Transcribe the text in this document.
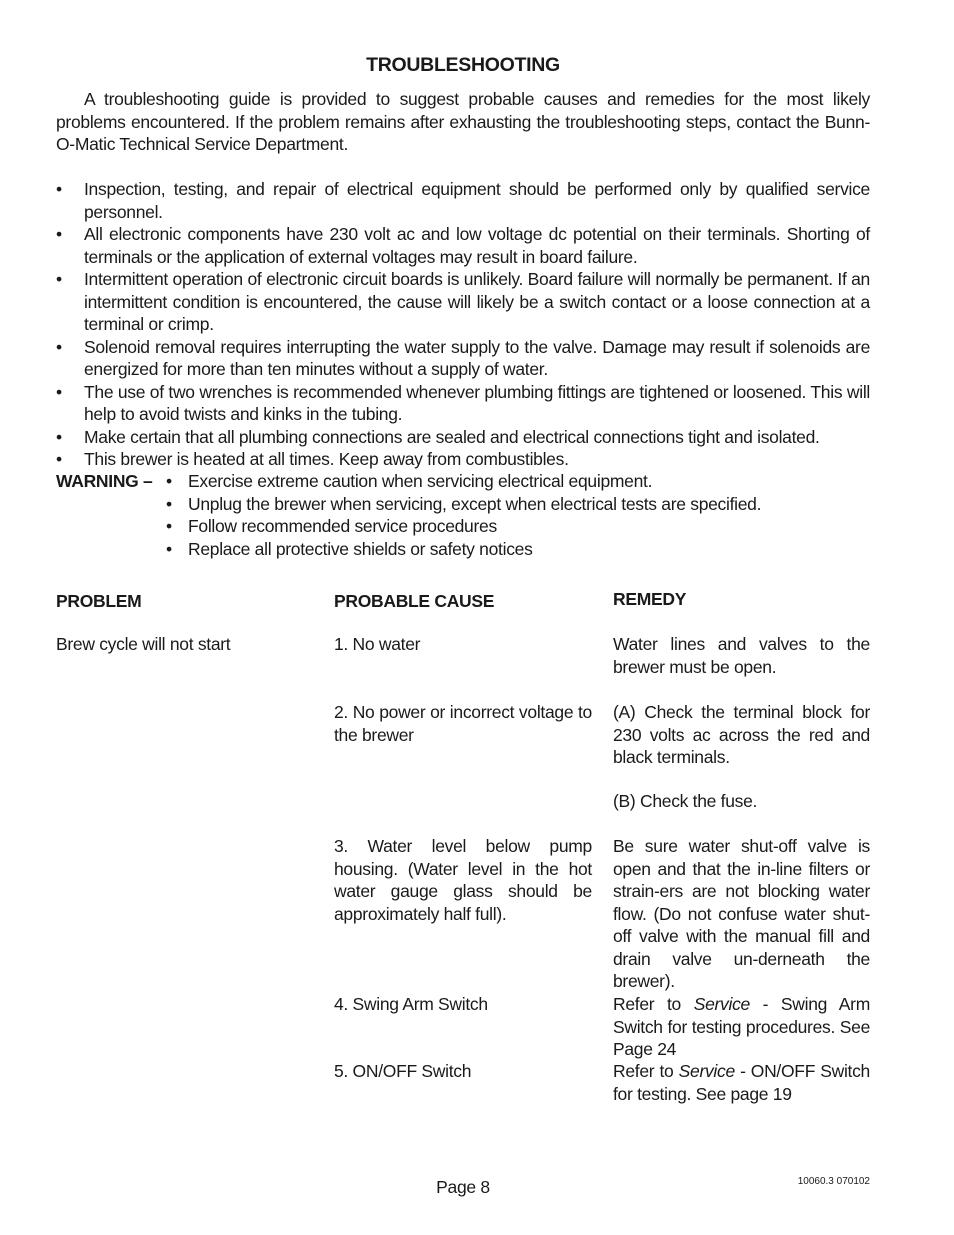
TROUBLESHOOTING

A troubleshooting guide is provided to suggest probable causes and remedies for the most likely problems encountered. If the problem remains after exhausting the troubleshooting steps, contact the Bunn-O-Matic Technical Service Department.

• Inspection, testing, and repair of electrical equipment should be performed only by qualified service personnel.
• All electronic components have 230 volt ac and low voltage dc potential on their terminals. Shorting of terminals or the application of external voltages may result in board failure.
• Intermittent operation of electronic circuit boards is unlikely. Board failure will normally be permanent. If an intermittent condition is encountered, the cause will likely be a switch contact or a loose connection at a terminal or crimp.
• Solenoid removal requires interrupting the water supply to the valve. Damage may result if solenoids are energized for more than ten minutes without a supply of water.
• The use of two wrenches is recommended whenever plumbing fittings are tightened or loosened. This will help to avoid twists and kinks in the tubing.
• Make certain that all plumbing connections are sealed and electrical connections tight and isolated.
• This brewer is heated at all times. Keep away from combustibles.
WARNING –
•	Exercise extreme caution when servicing electrical equipment.
• Unplug the brewer when servicing, except when electrical tests are specified.
• Follow recommended service procedures
• Replace all protective shields or safety notices
PROBLEM	PROBABLE CAUSE	REMEDY
Brew cycle will not start	1. No water	Water lines and valves to the brewer must be open.
2. No power or incorrect voltage to the brewer
(A) Check the terminal block for 230 volts ac across the red and black terminals.
(B) Check the fuse.
3. Water level below pump housing. (Water level in the hot water gauge glass should be approximately half full).
Be sure water shut-off valve is open and that the in-line filters or strain-ers are not blocking water flow. (Do not confuse water shut-off valve with the manual fill and drain valve un-derneath the brewer).
4. Swing Arm Switch	Refer to Service - Swing Arm Switch for testing procedures. See Page 24
5. ON/OFF Switch	Refer to Service - ON/OFF Switch for testing. See page 19
Page 8	10060.3 070102
